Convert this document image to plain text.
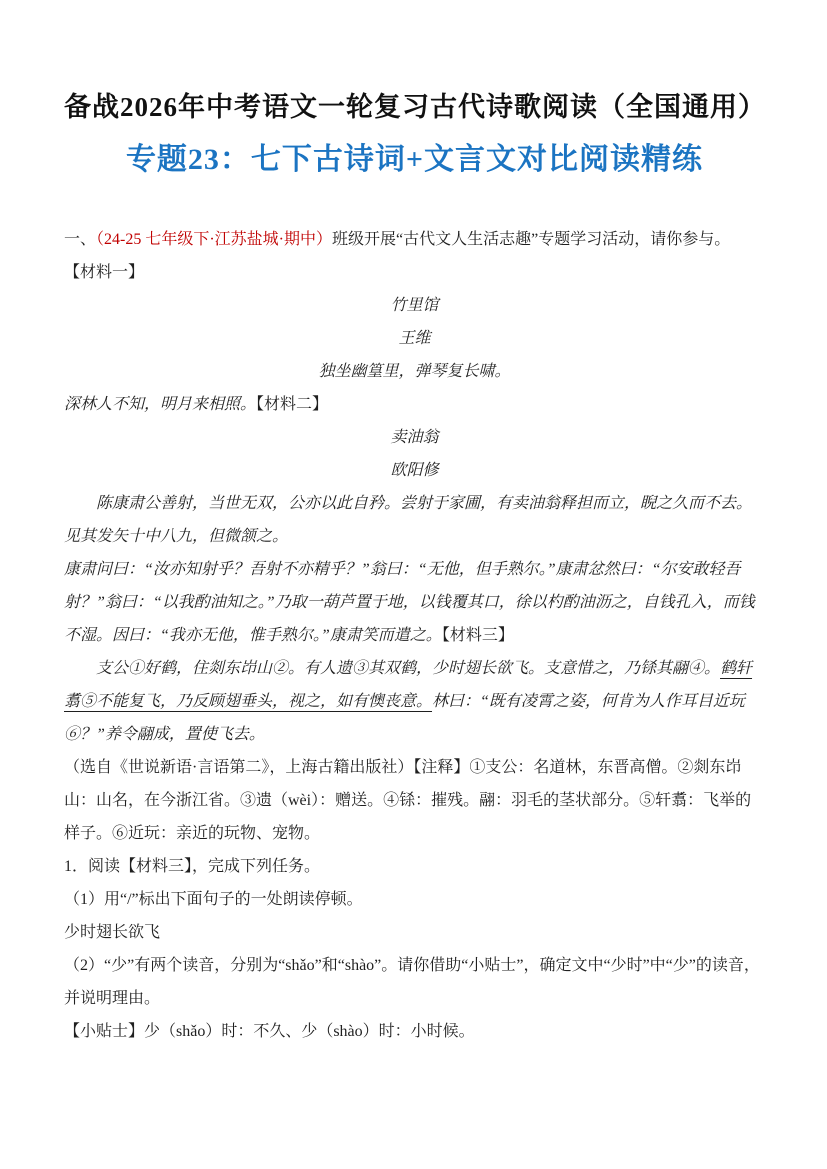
备战2026年中考语文一轮复习古代诗歌阅读（全国通用）
专题23：七下古诗词+文言文对比阅读精练

一、（24-25 七年级下·江苏盐城·期中）班级开展“古代文人生活志趣”专题学习活动，请你参与。

【材料一】

竹里馆

王维

独坐幽篁里，弹琴复长啸。

深林人不知，明月来相照。【材料二】

卖油翁

欧阳修

陈康肃公善射，当世无双，公亦以此自矜。尝射于家圃，有卖油翁释担而立，睨之久而不去。见其发矢十中八九，但微颔之。

康肃问曰：“汝亦知射乎？吾射不亦精乎？”翁曰：“无他，但手熟尔。”康肃忿然曰：“尔安敢轻吾射？”翁曰：“以我酌油知之。”乃取一葫芦置于地，以钱覆其口，徐以杓酌油沥之，自钱孔入，而钱不湿。因曰：“我亦无他，惟手熟尔。”康肃笑而遣之。【材料三】

支公①好鹤，住剡东岇山②。有人遗③其双鹤，少时翅长欲飞。支意惜之，乃铩其翮④。鹤轩翥⑤不能复飞，乃反顾翅垂头，视之，如有懊丧意。林曰：“既有凌霄之姿，何肯为人作耳目近玩⑥？”养令翮成，置使飞去。

（选自《世说新语·言语第二》，上海古籍出版社）【注释】①支公：名道林，东晋高僧。②剡东岇山：山名，在今浙江省。③遗（wèi）：赠送。④铩：摧残。翮：羽毛的茎状部分。⑤轩翥：飞举的样子。⑥近玩：亲近的玩物、宠物。

1．阅读【材料三】，完成下列任务。

（1）用“/”标出下面句子的一处朗读停顿。

少时翅长欲飞

（2）“少”有两个读音，分别为“shǎo”和“shào”。请你借助“小贴士”，确定文中“少时”中“少”的读音，并说明理由。

【小贴士】少（shǎo）时：不久、少（shào）时：小时候。
